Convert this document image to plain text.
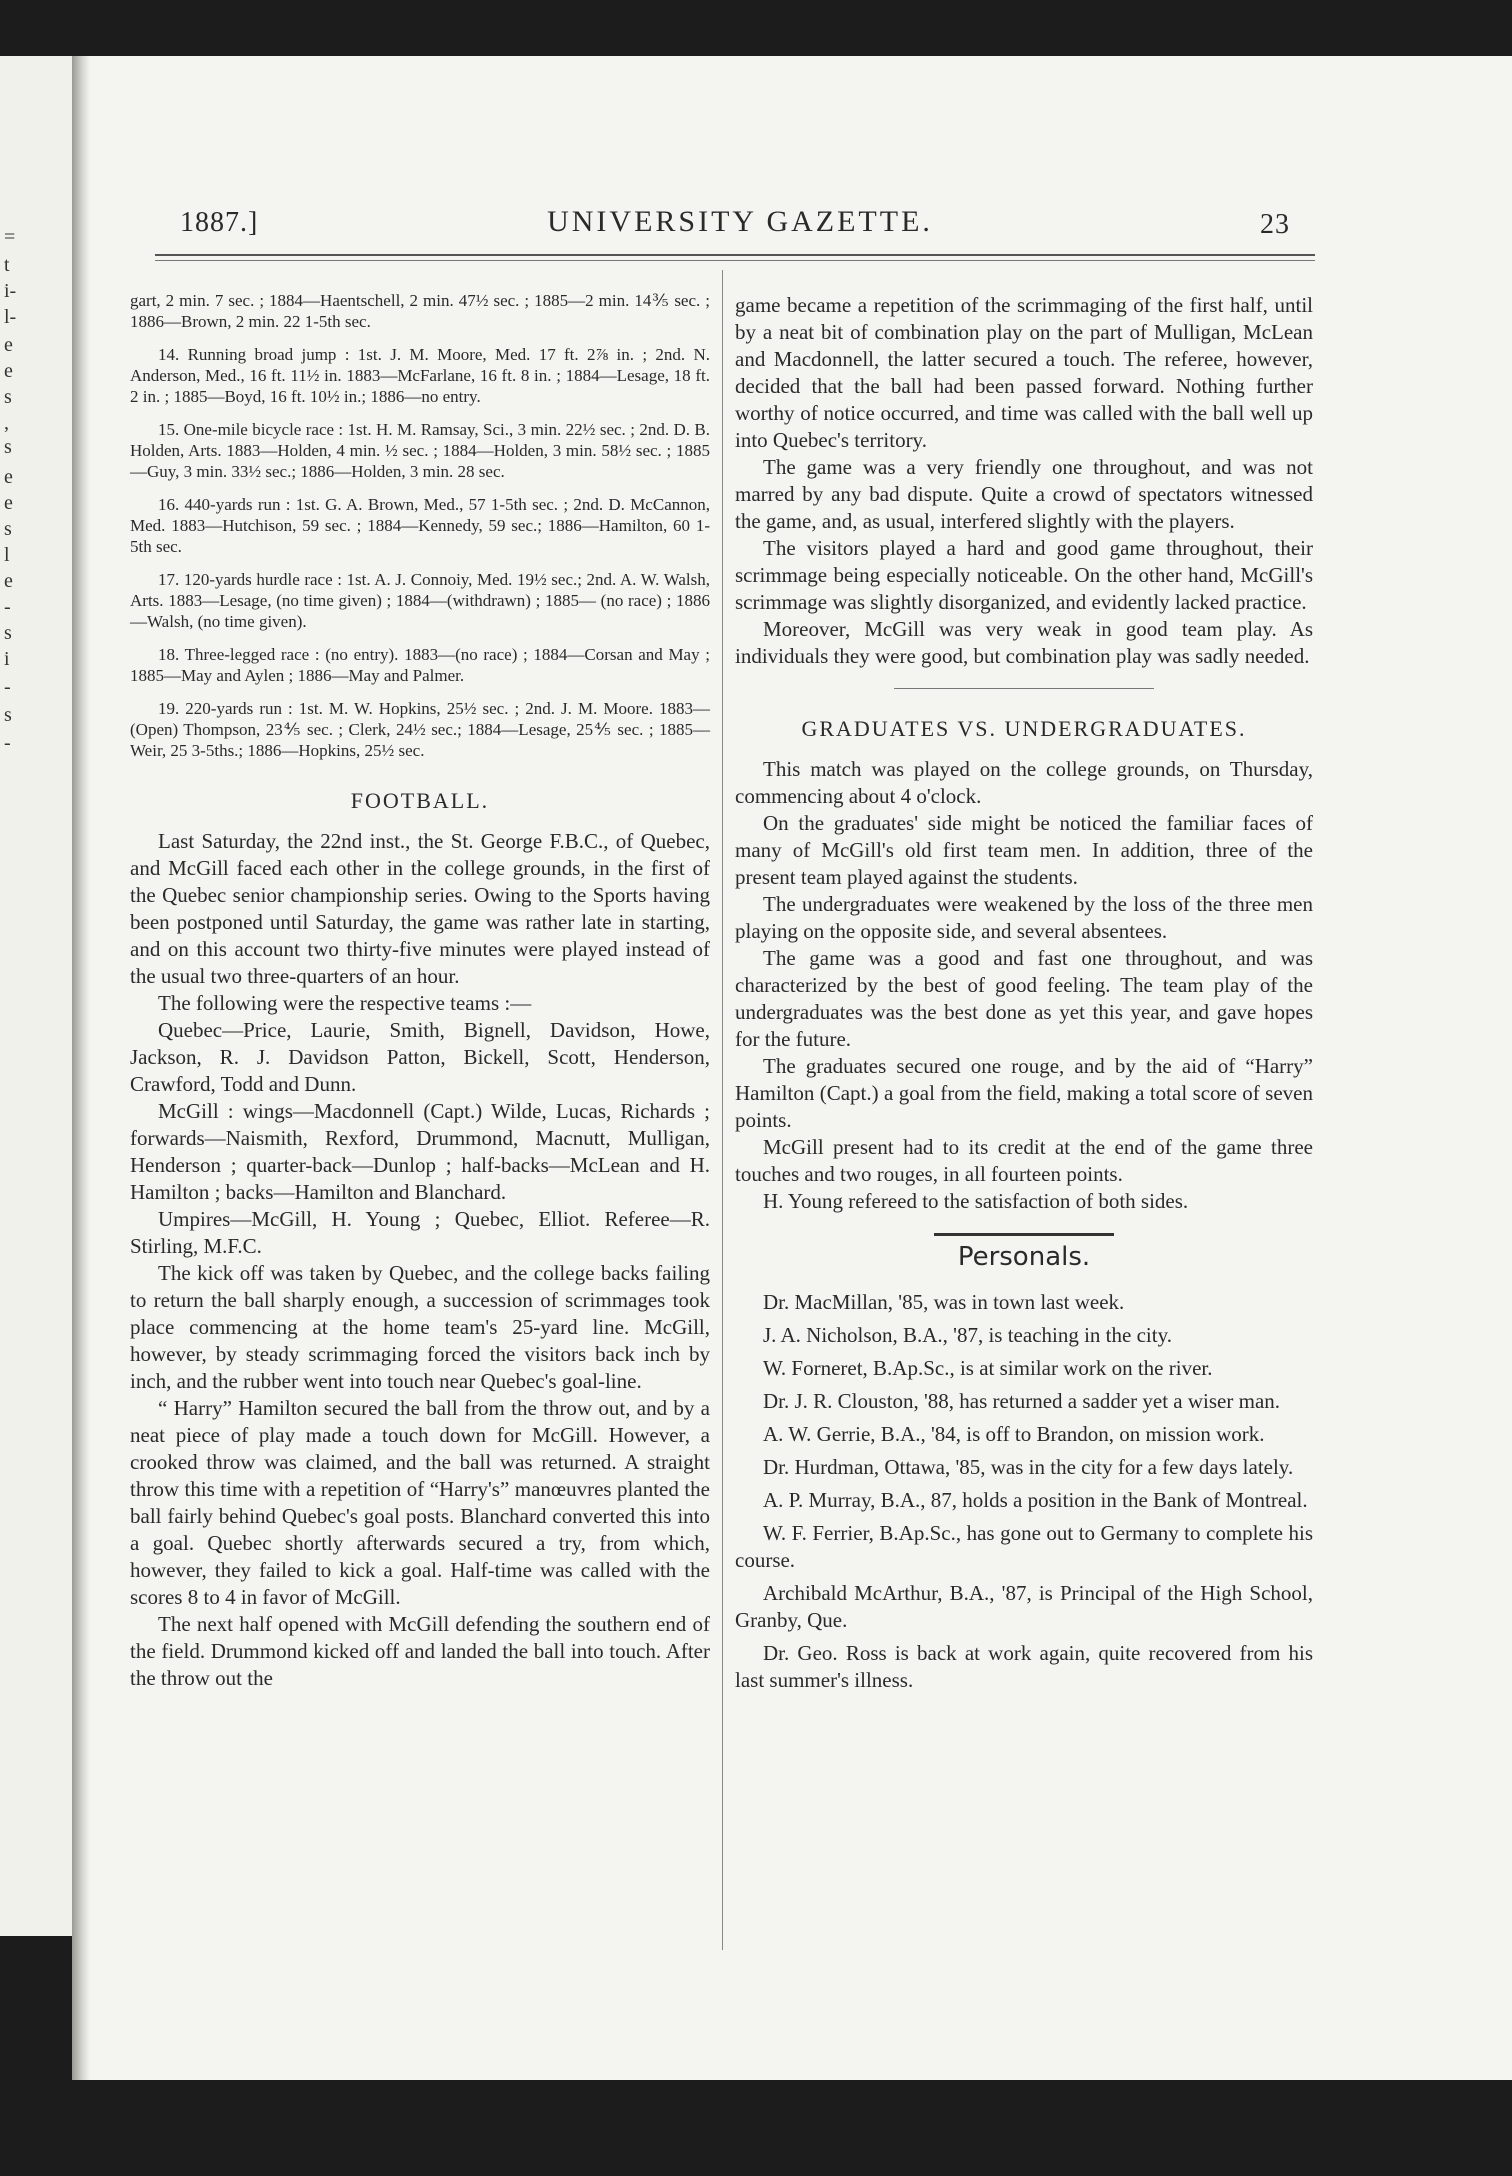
=
t
i-
l-
e
e
s
,
s
e
e
s
l
e
-
s
i
-
s
-
1887.]	UNIVERSITY GAZETTE.	23

gart, 2 min. 7 sec. ; 1884—Haentschell, 2 min. 47½ sec. ; 1885—2 min. 14⅗ sec. ; 1886—Brown, 2 min. 22 1-5th sec.

14. Running broad jump : 1st. J. M. Moore, Med. 17 ft. 2⅞ in. ; 2nd. N. Anderson, Med., 16 ft. 11½ in. 1883—McFarlane, 16 ft. 8 in. ; 1884—Lesage, 18 ft. 2 in. ; 1885—Boyd, 16 ft. 10½ in.; 1886—no entry.

15. One-mile bicycle race : 1st. H. M. Ramsay, Sci., 3 min. 22½ sec. ; 2nd. D. B. Holden, Arts. 1883—Holden, 4 min. ½ sec. ; 1884—Holden, 3 min. 58½ sec. ; 1885—Guy, 3 min. 33½ sec.; 1886—Holden, 3 min. 28 sec.

16. 440-yards run : 1st. G. A. Brown, Med., 57 1-5th sec. ; 2nd. D. McCannon, Med. 1883—Hutchison, 59 sec. ; 1884—Kennedy, 59 sec.; 1886—Hamilton, 60 1-5th sec.

17. 120-yards hurdle race : 1st. A. J. Connoiy, Med. 19½ sec.; 2nd. A. W. Walsh, Arts. 1883—Lesage, (no time given) ; 1884—(withdrawn) ; 1885— (no race) ; 1886—Walsh, (no time given).

18. Three-legged race : (no entry). 1883—(no race) ; 1884—Corsan and May ; 1885—May and Aylen ; 1886—May and Palmer.

19. 220-yards run : 1st. M. W. Hopkins, 25½ sec. ; 2nd. J. M. Moore. 1883—(Open) Thompson, 23⅘ sec. ; Clerk, 24½ sec.; 1884—Lesage, 25⅘ sec. ; 1885—Weir, 25 3-5ths.; 1886—Hopkins, 25½ sec.

FOOTBALL.

Last Saturday, the 22nd inst., the St. George F.B.C., of Quebec, and McGill faced each other in the college grounds, in the first of the Quebec senior championship series. Owing to the Sports having been postponed until Saturday, the game was rather late in starting, and on this account two thirty-five minutes were played instead of the usual two three-quarters of an hour.

The following were the respective teams :—

Quebec—Price, Laurie, Smith, Bignell, Davidson, Howe, Jackson, R. J. Davidson Patton, Bickell, Scott, Henderson, Crawford, Todd and Dunn.

McGill : wings—Macdonnell (Capt.) Wilde, Lucas, Richards ; forwards—Naismith, Rexford, Drummond, Macnutt, Mulligan, Henderson ; quarter-back—Dunlop ; half-backs—McLean and H. Hamilton ; backs—Hamilton and Blanchard.

Umpires—McGill, H. Young ; Quebec, Elliot. Referee—R. Stirling, M.F.C.

The kick off was taken by Quebec, and the college backs failing to return the ball sharply enough, a succession of scrimmages took place commencing at the home team's 25-yard line. McGill, however, by steady scrimmaging forced the visitors back inch by inch, and the rubber went into touch near Quebec's goal-line.

“ Harry” Hamilton secured the ball from the throw out, and by a neat piece of play made a touch down for McGill. However, a crooked throw was claimed, and the ball was returned. A straight throw this time with a repetition of “Harry's” manœuvres planted the ball fairly behind Quebec's goal posts. Blanchard converted this into a goal. Quebec shortly afterwards secured a try, from which, however, they failed to kick a goal. Half-time was called with the scores 8 to 4 in favor of McGill.

The next half opened with McGill defending the southern end of the field. Drummond kicked off and landed the ball into touch. After the throw out the

game became a repetition of the scrimmaging of the first half, until by a neat bit of combination play on the part of Mulligan, McLean and Macdonnell, the latter secured a touch. The referee, however, decided that the ball had been passed forward. Nothing further worthy of notice occurred, and time was called with the ball well up into Quebec's territory.

The game was a very friendly one throughout, and was not marred by any bad dispute. Quite a crowd of spectators witnessed the game, and, as usual, interfered slightly with the players.

The visitors played a hard and good game throughout, their scrimmage being especially noticeable. On the other hand, McGill's scrimmage was slightly disorganized, and evidently lacked practice.

Moreover, McGill was very weak in good team play. As individuals they were good, but combination play was sadly needed.

GRADUATES VS. UNDERGRADUATES.

This match was played on the college grounds, on Thursday, commencing about 4 o'clock.

On the graduates' side might be noticed the familiar faces of many of McGill's old first team men. In addition, three of the present team played against the students.

The undergraduates were weakened by the loss of the three men playing on the opposite side, and several absentees.

The game was a good and fast one throughout, and was characterized by the best of good feeling. The team play of the undergraduates was the best done as yet this year, and gave hopes for the future.

The graduates secured one rouge, and by the aid of “Harry” Hamilton (Capt.) a goal from the field, making a total score of seven points.

McGill present had to its credit at the end of the game three touches and two rouges, in all fourteen points.

H. Young refereed to the satisfaction of both sides.

Personals.

Dr. MacMillan, '85, was in town last week.

J. A. Nicholson, B.A., '87, is teaching in the city.

W. Forneret, B.Ap.Sc., is at similar work on the river.

Dr. J. R. Clouston, '88, has returned a sadder yet a wiser man.

A. W. Gerrie, B.A., '84, is off to Brandon, on mission work.

Dr. Hurdman, Ottawa, '85, was in the city for a few days lately.

A. P. Murray, B.A., 87, holds a position in the Bank of Montreal.

W. F. Ferrier, B.Ap.Sc., has gone out to Germany to complete his course.

Archibald McArthur, B.A., '87, is Principal of the High School, Granby, Que.

Dr. Geo. Ross is back at work again, quite recovered from his last summer's illness.
